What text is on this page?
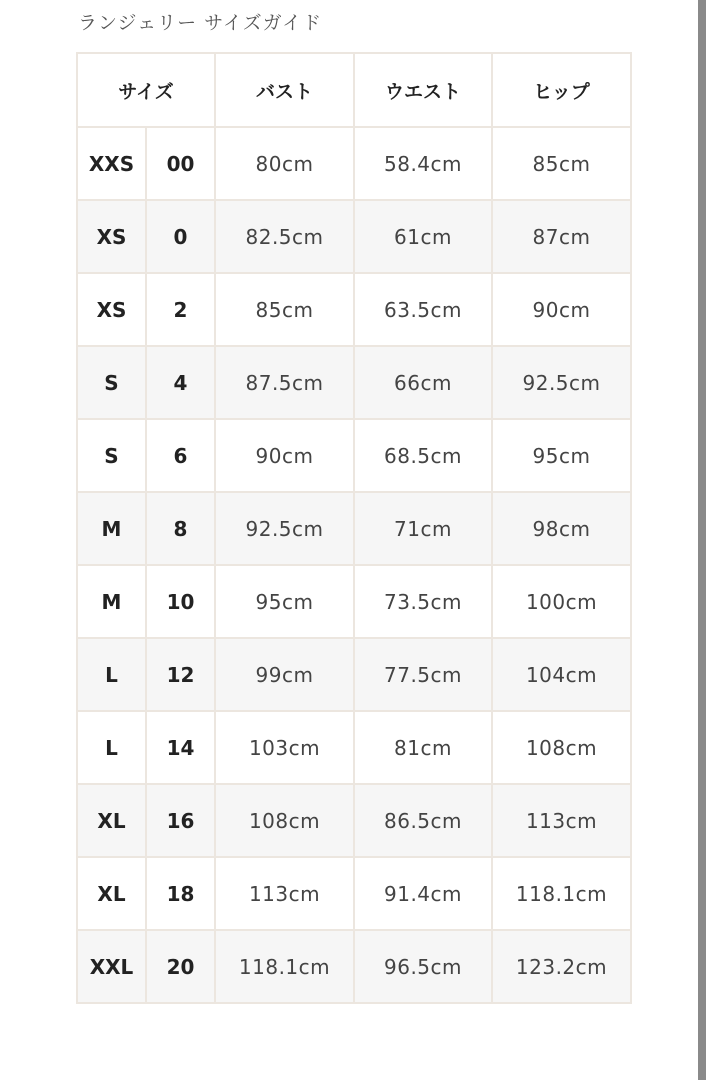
ランジェリー サイズガイド
サイズ		バスト	ウエスト	ヒップ
XXS	00	80cm	58.4cm	85cm
XS	0	82.5cm	61cm	87cm
XS	2	85cm	63.5cm	90cm
S	4	87.5cm	66cm	92.5cm
S	6	90cm	68.5cm	95cm
M	8	92.5cm	71cm	98cm
M	10	95cm	73.5cm	100cm
L	12	99cm	77.5cm	104cm
L	14	103cm	81cm	108cm
XL	16	108cm	86.5cm	113cm
XL	18	113cm	91.4cm	118.1cm
XXL	20	118.1cm	96.5cm	123.2cm
